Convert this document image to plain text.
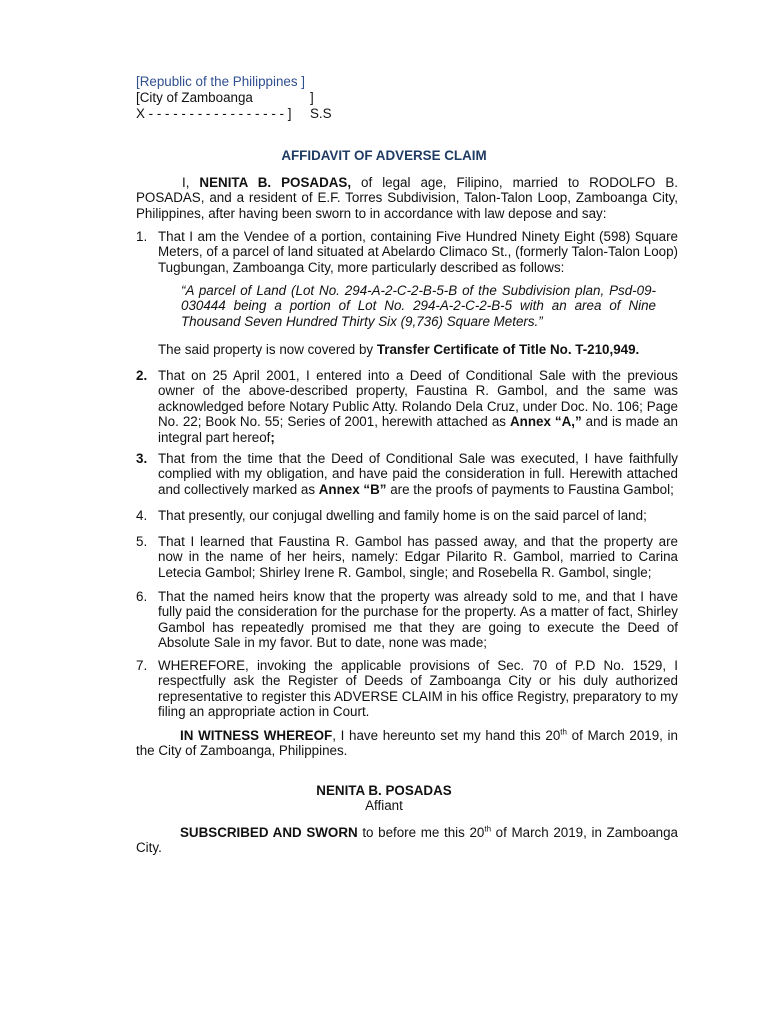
[Republic of the Philippines ]
[City of Zamboanga	] S.S
X - - - - - - - - - - - - - - - - - ]
AFFIDAVIT OF ADVERSE CLAIM
I, NENITA B. POSADAS, of legal age, Filipino, married to RODOLFO B. POSADAS, and a resident of E.F. Torres Subdivision, Talon-Talon Loop, Zamboanga City, Philippines, after having been sworn to in accordance with law depose and say:
1. That I am the Vendee of a portion, containing Five Hundred Ninety Eight (598) Square Meters, of a parcel of land situated at Abelardo Climaco St., (formerly Talon-Talon Loop) Tugbungan, Zamboanga City, more particularly described as follows:
“A parcel of Land (Lot No. 294-A-2-C-2-B-5-B of the Subdivision plan, Psd-09-030444 being a portion of Lot No. 294-A-2-C-2-B-5 with an area of Nine Thousand Seven Hundred Thirty Six (9,736) Square Meters.”
The said property is now covered by Transfer Certificate of Title No. T-210,949.
2. That on 25 April 2001, I entered into a Deed of Conditional Sale with the previous owner of the above-described property, Faustina R. Gambol, and the same was acknowledged before Notary Public Atty. Rolando Dela Cruz, under Doc. No. 106; Page No. 22; Book No. 55; Series of 2001, herewith attached as Annex “A,” and is made an integral part hereof;
3. That from the time that the Deed of Conditional Sale was executed, I have faithfully complied with my obligation, and have paid the consideration in full. Herewith attached and collectively marked as Annex “B” are the proofs of payments to Faustina Gambol;
4. That presently, our conjugal dwelling and family home is on the said parcel of land;
5. That I learned that Faustina R. Gambol has passed away, and that the property are now in the name of her heirs, namely: Edgar Pilarito R. Gambol, married to Carina Letecia Gambol; Shirley Irene R. Gambol, single; and Rosebella R. Gambol, single;
6. That the named heirs know that the property was already sold to me, and that I have fully paid the consideration for the purchase for the property. As a matter of fact, Shirley Gambol has repeatedly promised me that they are going to execute the Deed of Absolute Sale in my favor. But to date, none was made;
7. WHEREFORE, invoking the applicable provisions of Sec. 70 of P.D No. 1529, I respectfully ask the Register of Deeds of Zamboanga City or his duly authorized representative to register this ADVERSE CLAIM in his office Registry, preparatory to my filing an appropriate action in Court.
IN WITNESS WHEREOF, I have hereunto set my hand this 20th of March 2019, in the City of Zamboanga, Philippines.
NENITA B. POSADAS
Affiant
SUBSCRIBED AND SWORN to before me this 20th of March 2019, in Zamboanga City.
